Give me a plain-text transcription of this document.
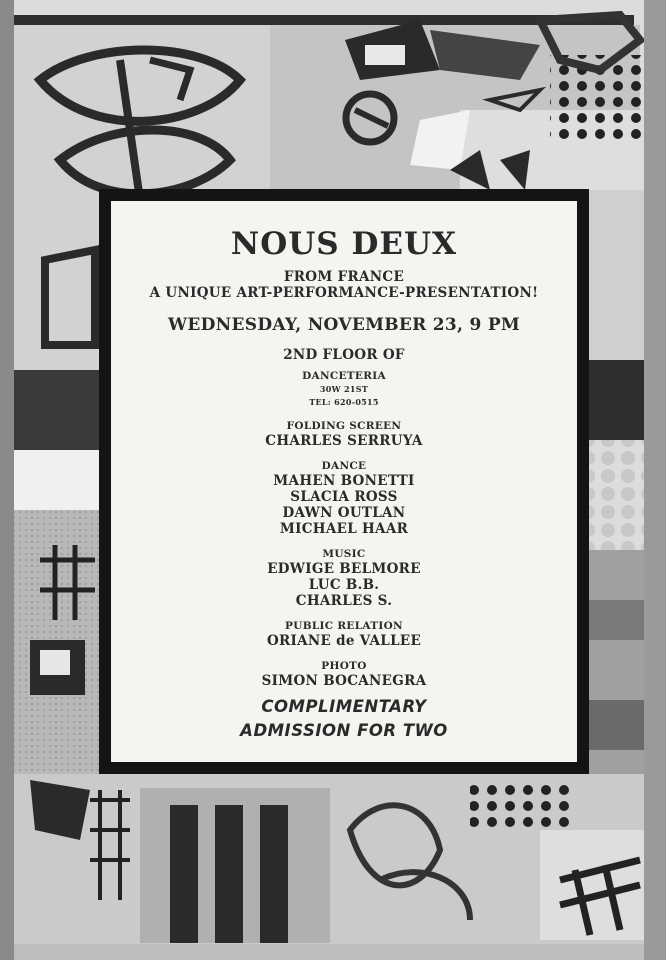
NOUS DEUX
FROM FRANCE
A UNIQUE ART-PERFORMANCE-PRESENTATION!
WEDNESDAY, NOVEMBER 23, 9 PM
2ND FLOOR OF
DANCETERIA
30W 21ST
TEL: 620-0515
FOLDING SCREEN
CHARLES SERRUYA
DANCE
MAHEN BONETTI
SLACIA ROSS
DAWN OUTLAN
MICHAEL HAAR
MUSIC
EDWIGE BELMORE
LUC B.B.
CHARLES S.
PUBLIC RELATION
ORIANE de VALLEE
PHOTO
SIMON BOCANEGRA
COMPLIMENTARY
ADMISSION FOR TWO
